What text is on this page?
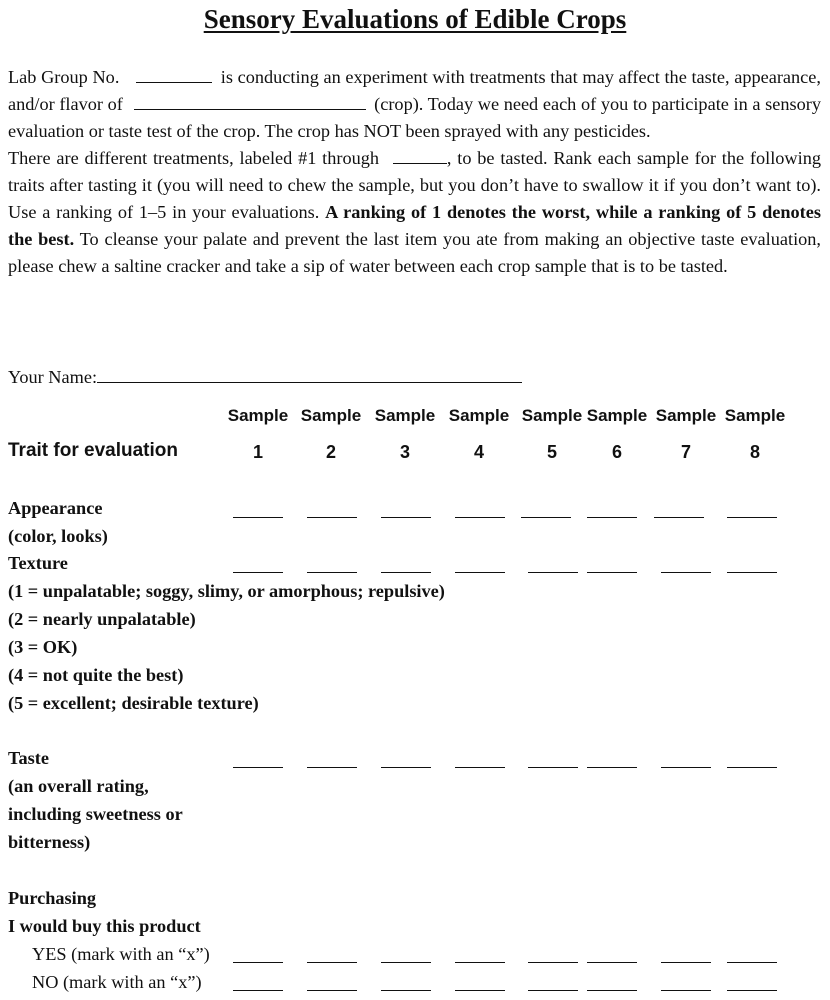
Sensory Evaluations of Edible Crops

Lab Group No.	is conducting an experiment with treatments that may affect the taste, appearance, and/or flavor of	(crop). Today we need each of you to participate in a sensory evaluation or taste test of the crop. The crop has NOT been sprayed with any pesticides.

There are different treatments, labeled #1 through	, to be tasted. Rank each sample for the following traits after tasting it (you will need to chew the sample, but you don’t have to swallow it if you don’t want to). Use a ranking of 1–5 in your evaluations. A ranking of 1 denotes the worst, while a ranking of 5 denotes the best. To cleanse your palate and prevent the last item you ate from making an objective taste evaluation, please chew a saltine cracker and take a sip of water between each crop sample that is to be tasted.

Your Name:
Sample Sample Sample Sample Sample Sample Sample Sample
Trait for evaluation	1	2	3	4	5	6	7	8
Appearance
(color, looks)
Texture
(1 = unpalatable; soggy, slimy, or amorphous; repulsive)
(2 = nearly unpalatable)
(3 = OK)
(4 = not quite the best)
(5 = excellent; desirable texture)
Taste
(an overall rating,
including sweetness or
bitterness)
Purchasing
I would buy this product
YES (mark with an “x”)
NO (mark with an “x”)
